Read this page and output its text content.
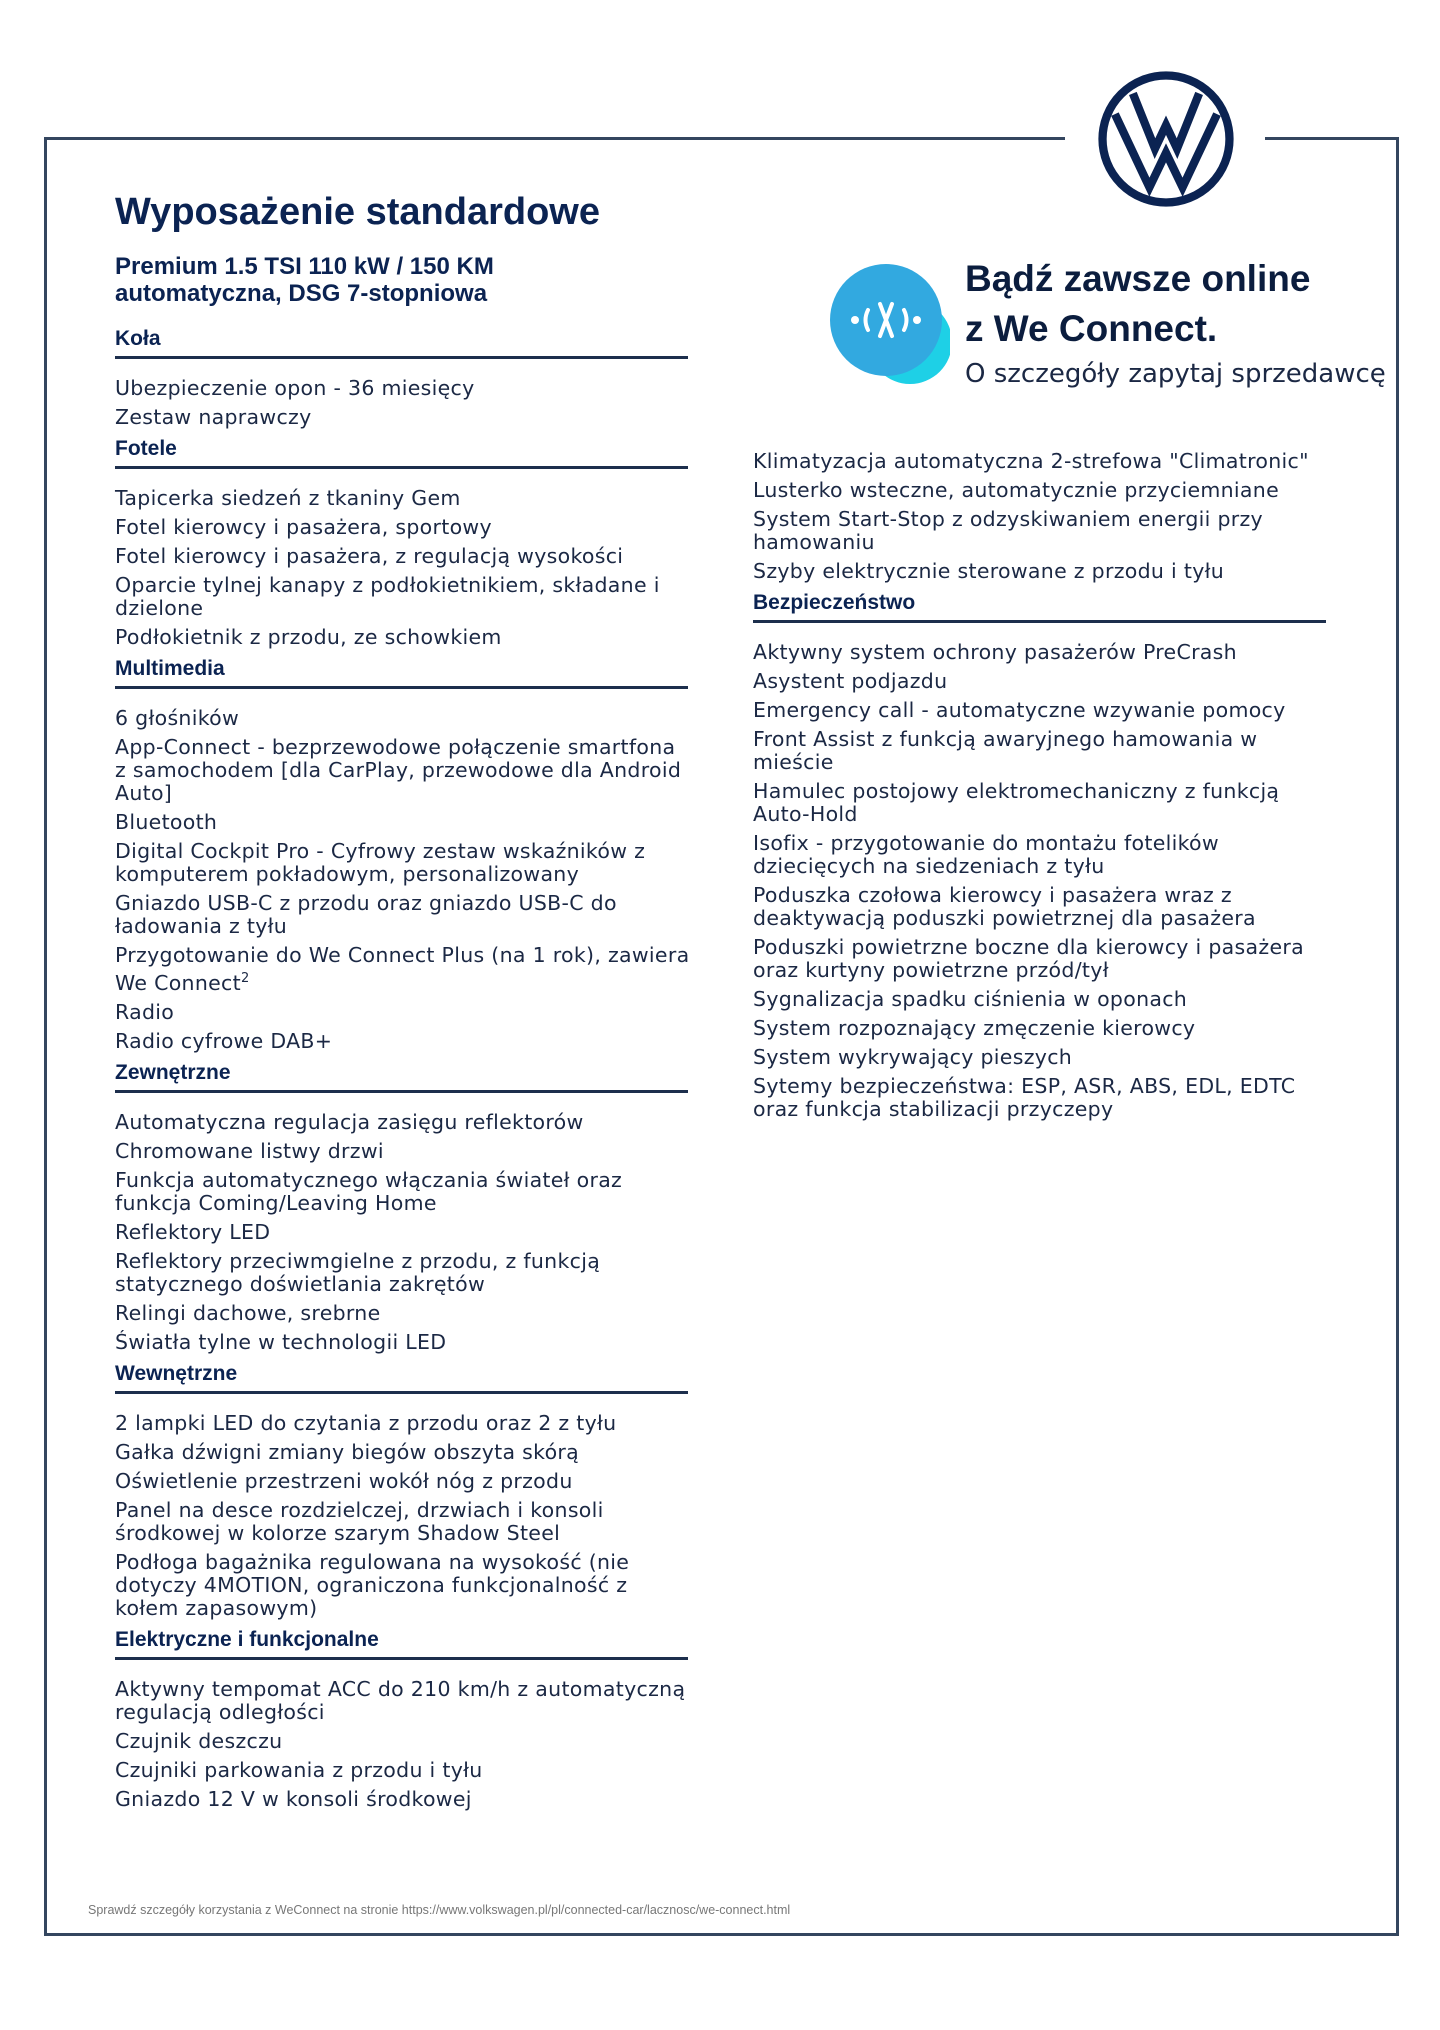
Wyposażenie standardowe
Premium 1.5 TSI 110 kW / 150 KM
automatyczna, DSG 7-stopniowa
Koła
Ubezpieczenie opon - 36 miesięcy
Zestaw naprawczy
Fotele
Tapicerka siedzeń z tkaniny Gem
Fotel kierowcy i pasażera, sportowy
Fotel kierowcy i pasażera, z regulacją wysokości
Oparcie tylnej kanapy z podłokietnikiem, składane i dzielone
Podłokietnik z przodu, ze schowkiem
Multimedia
6 głośników
App-Connect - bezprzewodowe połączenie smartfona z samochodem [dla CarPlay, przewodowe dla Android Auto]
Bluetooth
Digital Cockpit Pro - Cyfrowy zestaw wskaźników z komputerem pokładowym, personalizowany
Gniazdo USB-C z przodu oraz gniazdo USB-C do ładowania z tyłu
Przygotowanie do We Connect Plus (na 1 rok), zawiera We Connect$^2$
Radio
Radio cyfrowe DAB+
Zewnętrzne
Automatyczna regulacja zasięgu reflektorów
Chromowane listwy drzwi
Funkcja automatycznego włączania świateł oraz funkcja Coming/Leaving Home
Reflektory LED
Reflektory przeciwmgielne z przodu, z funkcją statycznego doświetlania zakrętów
Relingi dachowe, srebrne
Światła tylne w technologii LED
Wewnętrzne
2 lampki LED do czytania z przodu oraz 2 z tyłu
Gałka dźwigni zmiany biegów obszyta skórą
Oświetlenie przestrzeni wokół nóg z przodu
Panel na desce rozdzielczej, drzwiach i konsoli środkowej w kolorze szarym Shadow Steel
Podłoga bagażnika regulowana na wysokość (nie dotyczy 4MOTION, ograniczona funkcjonalność z kołem zapasowym)
Elektryczne i funkcjonalne
Aktywny tempomat ACC do 210 km/h z automatyczną regulacją odległości
Czujnik deszczu
Czujniki parkowania z przodu i tyłu
Gniazdo 12 V w konsoli środkowej
Bądź zawsze online
z We Connect.
O szczegóły zapytaj sprzedawcę
Klimatyzacja automatyczna 2-strefowa "Climatronic"
Lusterko wsteczne, automatycznie przyciemniane
System Start-Stop z odzyskiwaniem energii przy hamowaniu
Szyby elektrycznie sterowane z przodu i tyłu
Bezpieczeństwo
Aktywny system ochrony pasażerów PreCrash
Asystent podjazdu
Emergency call - automatyczne wzywanie pomocy
Front Assist z funkcją awaryjnego hamowania w mieście
Hamulec postojowy elektromechaniczny z funkcją Auto-Hold
Isofix - przygotowanie do montażu fotelików dziecięcych na siedzeniach z tyłu
Poduszka czołowa kierowcy i pasażera wraz z deaktywacją poduszki powietrznej dla pasażera
Poduszki powietrzne boczne dla kierowcy i pasażera oraz kurtyny powietrzne przód/tył
Sygnalizacja spadku ciśnienia w oponach
System rozpoznający zmęczenie kierowcy
System wykrywający pieszych
Sytemy bezpieczeństwa: ESP, ASR, ABS, EDL, EDTC oraz funkcja stabilizacji przyczepy
Sprawdź szczegóły korzystania z WeConnect na stronie https://www.volkswagen.pl/pl/connected-car/lacznosc/we-connect.html
